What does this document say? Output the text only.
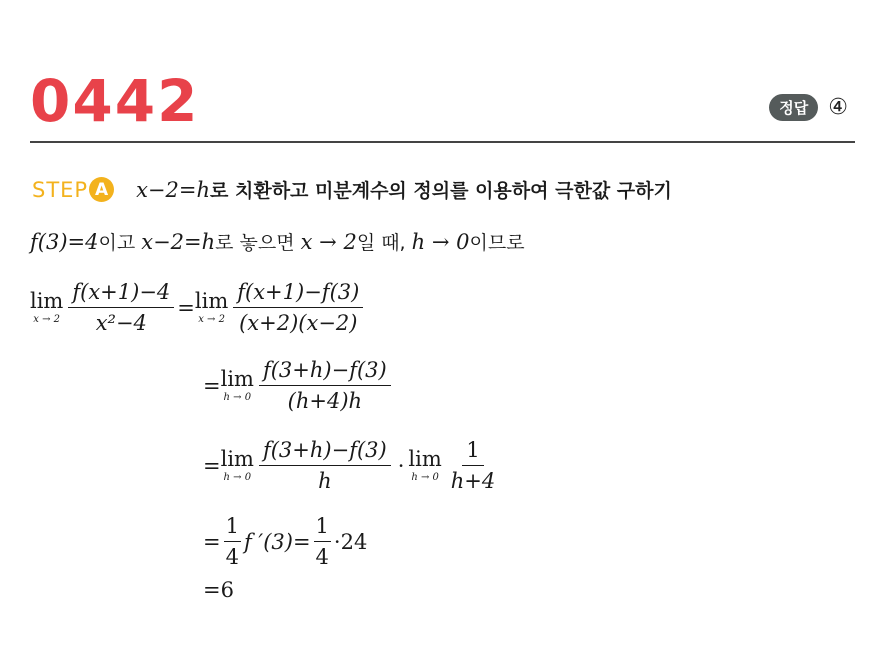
0442	정답 ④
STEP A x−2=h로 치환하고 미분계수의 정의를 이용하여 극한값 구하기
f(3)=4이고 x−2=h로 놓으면 x → 2일 때, h → 0이므로
lim
$x \to 2 \frac{f(x+1)-4}{\text{x²−4}} = \lim$
$x \to 2 \frac{f(x+1)-f(3)}{(x+2)(x-2)}$
= lim
$h \to 0 \frac{f(3+h)-f(3)}{(h+4)h}$
= lim
$h \to 0 \frac{f(3+h)-f(3)}{h} \cdot \lim$
$h \to 0 \frac{1}{h+4}$
= $\frac{1}{4}$ f $'(3)= \frac{1}{4} \cdot 24$
=6
